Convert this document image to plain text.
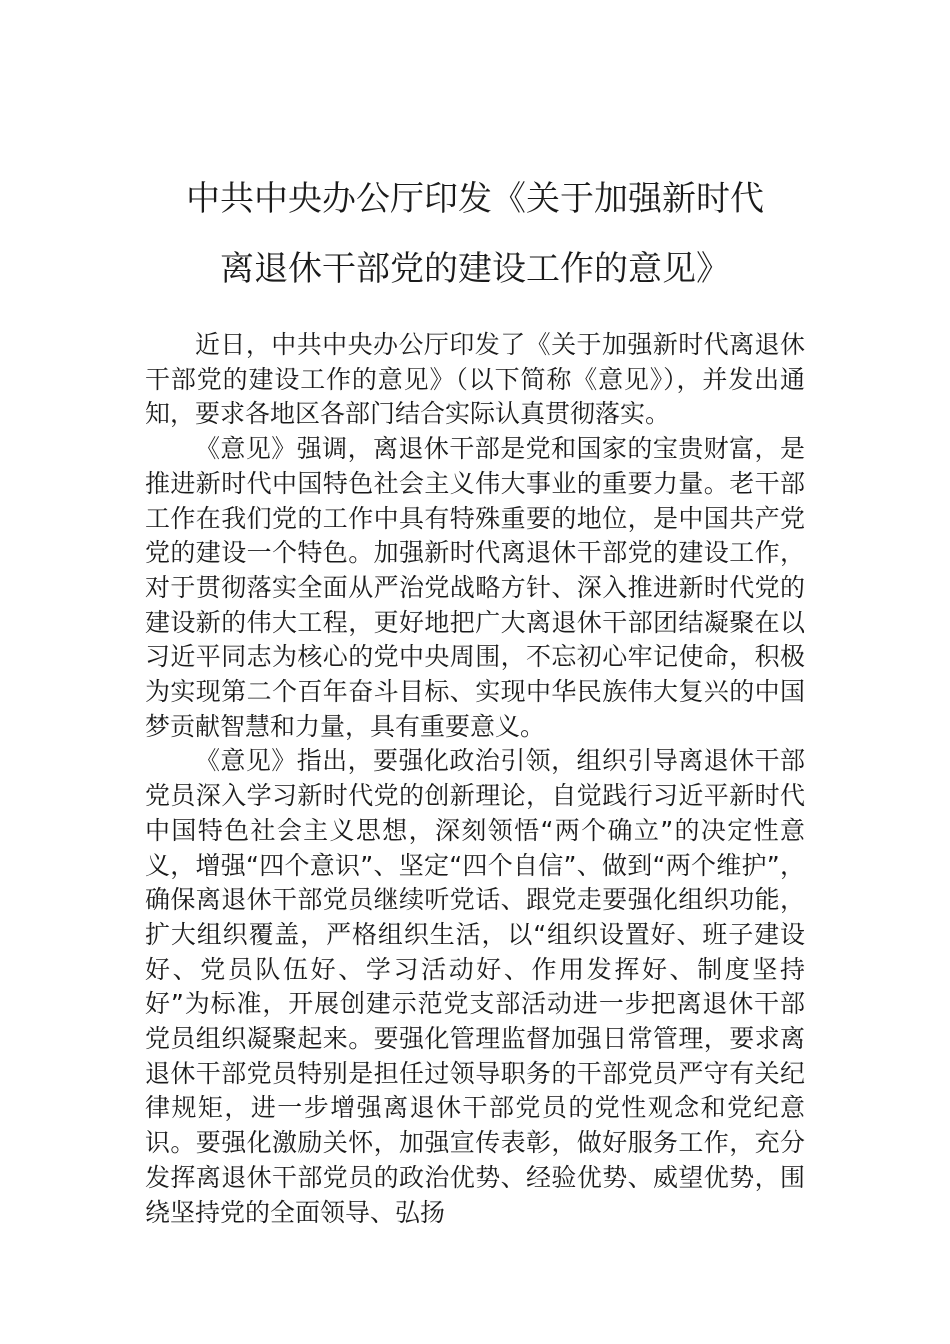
中共中央办公厅印发《关于加强新时代
离退休干部党的建设工作的意见》

近日，中共中央办公厅印发了《关于加强新时代离退休干部党的建设工作的意见》（以下简称《意见》），并发出通知，要求各地区各部门结合实际认真贯彻落实。

《意见》强调，离退休干部是党和国家的宝贵财富，是推进新时代中国特色社会主义伟大事业的重要力量。老干部工作在我们党的工作中具有特殊重要的地位，是中国共产党党的建设一个特色。加强新时代离退休干部党的建设工作，对于贯彻落实全面从严治党战略方针、深入推进新时代党的建设新的伟大工程，更好地把广大离退休干部团结凝聚在以习近平同志为核心的党中央周围，不忘初心牢记使命，积极为实现第二个百年奋斗目标、实现中华民族伟大复兴的中国梦贡献智慧和力量，具有重要意义。

《意见》指出，要强化政治引领，组织引导离退休干部党员深入学习新时代党的创新理论，自觉践行习近平新时代中国特色社会主义思想，深刻领悟“两个确立”的决定性意义，增强“四个意识”、坚定“四个自信”、做到“两个维护”，确保离退休干部党员继续听党话、跟党走要强化组织功能，扩大组织覆盖，严格组织生活，以“组织设置好、班子建设好、党员队伍好、学习活动好、作用发挥好、制度坚持好”为标准，开展创建示范党支部活动进一步把离退休干部党员组织凝聚起来。要强化管理监督加强日常管理，要求离退休干部党员特别是担任过领导职务的干部党员严守有关纪律规矩，进一步增强离退休干部党员的党性观念和党纪意识。要强化激励关怀，加强宣传表彰，做好服务工作，充分发挥离退休干部党员的政治优势、经验优势、威望优势，围绕坚持党的全面领导、弘扬
